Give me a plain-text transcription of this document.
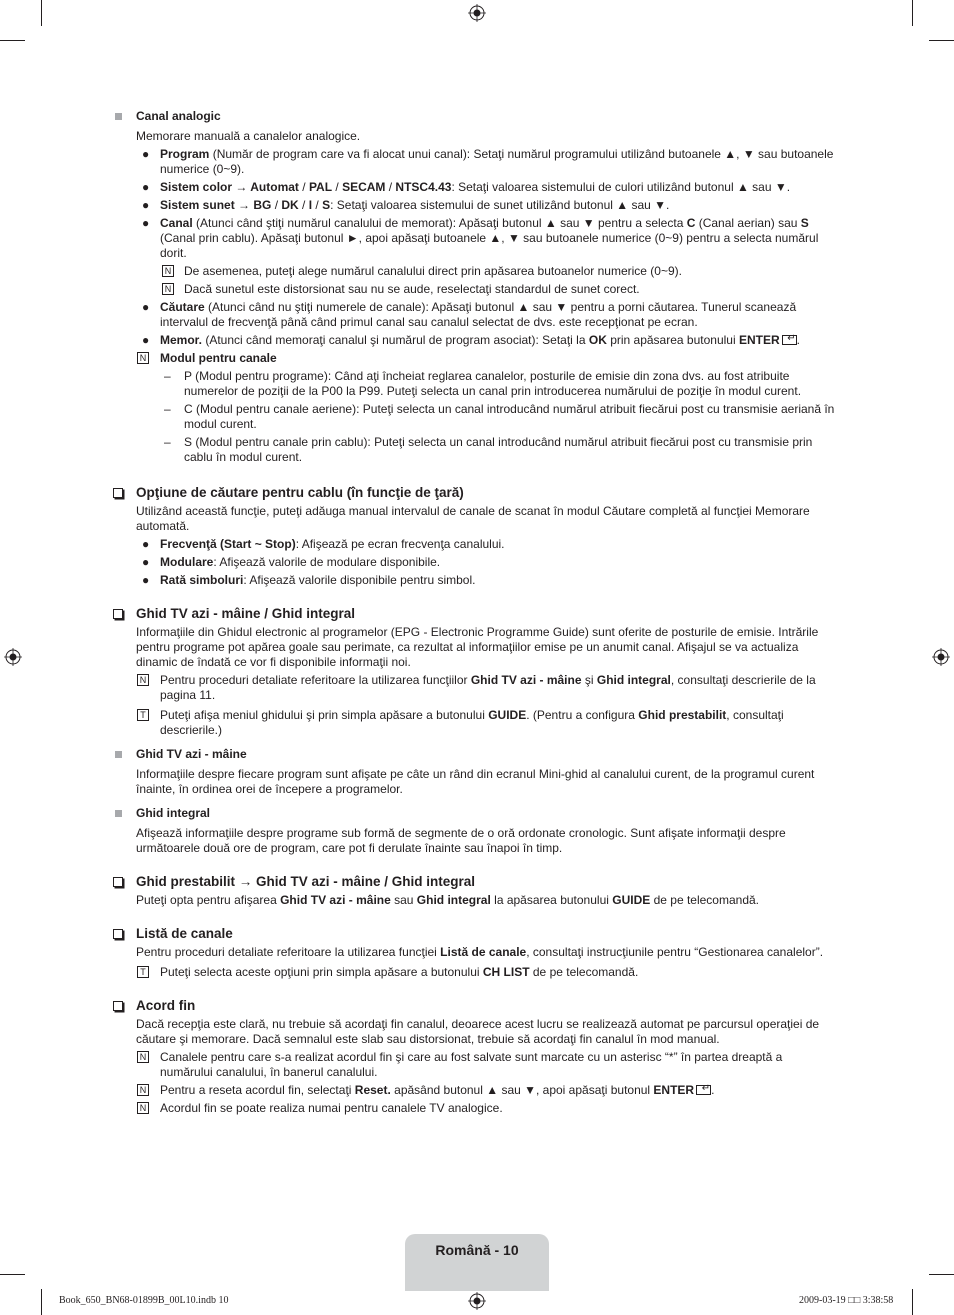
Canal analogic

Memorare manuală a canalelor analogice.

● Program (Număr de program care va fi alocat unui canal): Setaţi numărul programului utilizând butoanele ▲, ▼ sau butoanele numerice (0~9).
● Sistem color → Automat / PAL / SECAM / NTSC4.43: Setaţi valoarea sistemului de culori utilizând butonul ▲ sau ▼.
● Sistem sunet → BG / DK / I / S: Setaţi valoarea sistemului de sunet utilizând butonul ▲ sau ▼.
● Canal (Atunci când ştiţi numărul canalului de memorat): Apăsaţi butonul ▲ sau ▼ pentru a selecta C (Canal aerian) sau S (Canal prin cablu). Apăsaţi butonul ►, apoi apăsaţi butoanele ▲, ▼ sau butoanele numerice (0~9) pentru a selecta numărul dorit.
N De asemenea, puteţi alege numărul canalului direct prin apăsarea butoanelor numerice (0~9).
N Dacă sunetul este distorsionat sau nu se aude, reselectaţi standardul de sunet corect.
● Căutare (Atunci când nu ştiţi numerele de canale): Apăsaţi butonul ▲ sau ▼ pentru a porni căutarea. Tunerul scanează intervalul de frecvenţă până când primul canal sau canalul selectat de dvs. este recepţionat pe ecran.
● Memor. (Atunci când memoraţi canalul şi numărul de program asociat): Setaţi la OK prin apăsarea butonului ENTER ↵ .
N Modul pentru canale
– P (Modul pentru programe): Când aţi încheiat reglarea canalelor, posturile de emisie din zona dvs. au fost atribuite numerelor de poziţii de la P00 la P99. Puteţi selecta un canal prin introducerea numărului de poziţie în modul curent.
– C (Modul pentru canale aeriene): Puteţi selecta un canal introducând numărul atribuit fiecărui post cu transmisie aeriană în modul curent.
– S (Modul pentru canale prin cablu): Puteţi selecta un canal introducând numărul atribuit fiecărui post cu transmisie prin cablu în modul curent.
Opţiune de căutare pentru cablu (în funcţie de ţară)

Utilizând această funcţie, puteţi adăuga manual intervalul de canale de scanat în modul Căutare completă al funcţiei Memorare automată.

● Frecvenţă (Start ~ Stop): Afişează pe ecran frecvenţa canalului.
● Modulare: Afişează valorile de modulare disponibile.
● Rată simboluri: Afişează valorile disponibile pentru simbol.
Ghid TV azi - mâine / Ghid integral

Informaţiile din Ghidul electronic al programelor (EPG - Electronic Programme Guide) sunt oferite de posturile de emisie. Intrările pentru programe pot apărea goale sau perimate, ca rezultat al informaţiilor emise pe un anumit canal. Afişajul se va actualiza dinamic de îndată ce vor fi disponibile informaţii noi.

N Pentru proceduri detaliate referitoare la utilizarea funcţiilor Ghid TV azi - mâine şi Ghid integral, consultaţi descrierile de la pagina 11.
T Puteţi afişa meniul ghidului şi prin simpla apăsare a butonului GUIDE. (Pentru a configura Ghid prestabilit, consultaţi descrierile.)
Ghid TV azi - mâine

Informaţiile despre fiecare program sunt afişate pe câte un rând din ecranul Mini-ghid al canalului curent, de la programul curent înainte, în ordinea orei de începere a programelor.

Ghid integral

Afişează informaţiile despre programe sub formă de segmente de o oră ordonate cronologic. Sunt afişate informaţii despre următoarele două ore de program, care pot fi derulate înainte sau înapoi în timp.

Ghid prestabilit → Ghid TV azi - mâine / Ghid integral

Puteţi opta pentru afişarea Ghid TV azi - mâine sau Ghid integral la apăsarea butonului GUIDE de pe telecomandă.

Listă de canale

Pentru proceduri detaliate referitoare la utilizarea funcţiei Listă de canale, consultaţi instrucţiunile pentru “Gestionarea canalelor”.

T Puteţi selecta aceste opţiuni prin simpla apăsare a butonului CH LIST de pe telecomandă.
Acord fin

Dacă recepţia este clară, nu trebuie să acordaţi fin canalul, deoarece acest lucru se realizează automat pe parcursul operaţiei de căutare şi memorare. Dacă semnalul este slab sau distorsionat, trebuie să acordaţi fin canalul în mod manual.

N Canalele pentru care s-a realizat acordul fin şi care au fost salvate sunt marcate cu un asterisc “*” în partea dreaptă a numărului canalului, în banerul canalului.
N Pentru a reseta acordul fin, selectaţi Reset. apăsând butonul ▲ sau ▼, apoi apăsaţi butonul ENTER ↵ .
N Acordul fin se poate realiza numai pentru canalele TV analogice.
Română - 10
Book_650_BN68-01899B_00L10.indb 10	2009-03-19 □□ 3:38:58
